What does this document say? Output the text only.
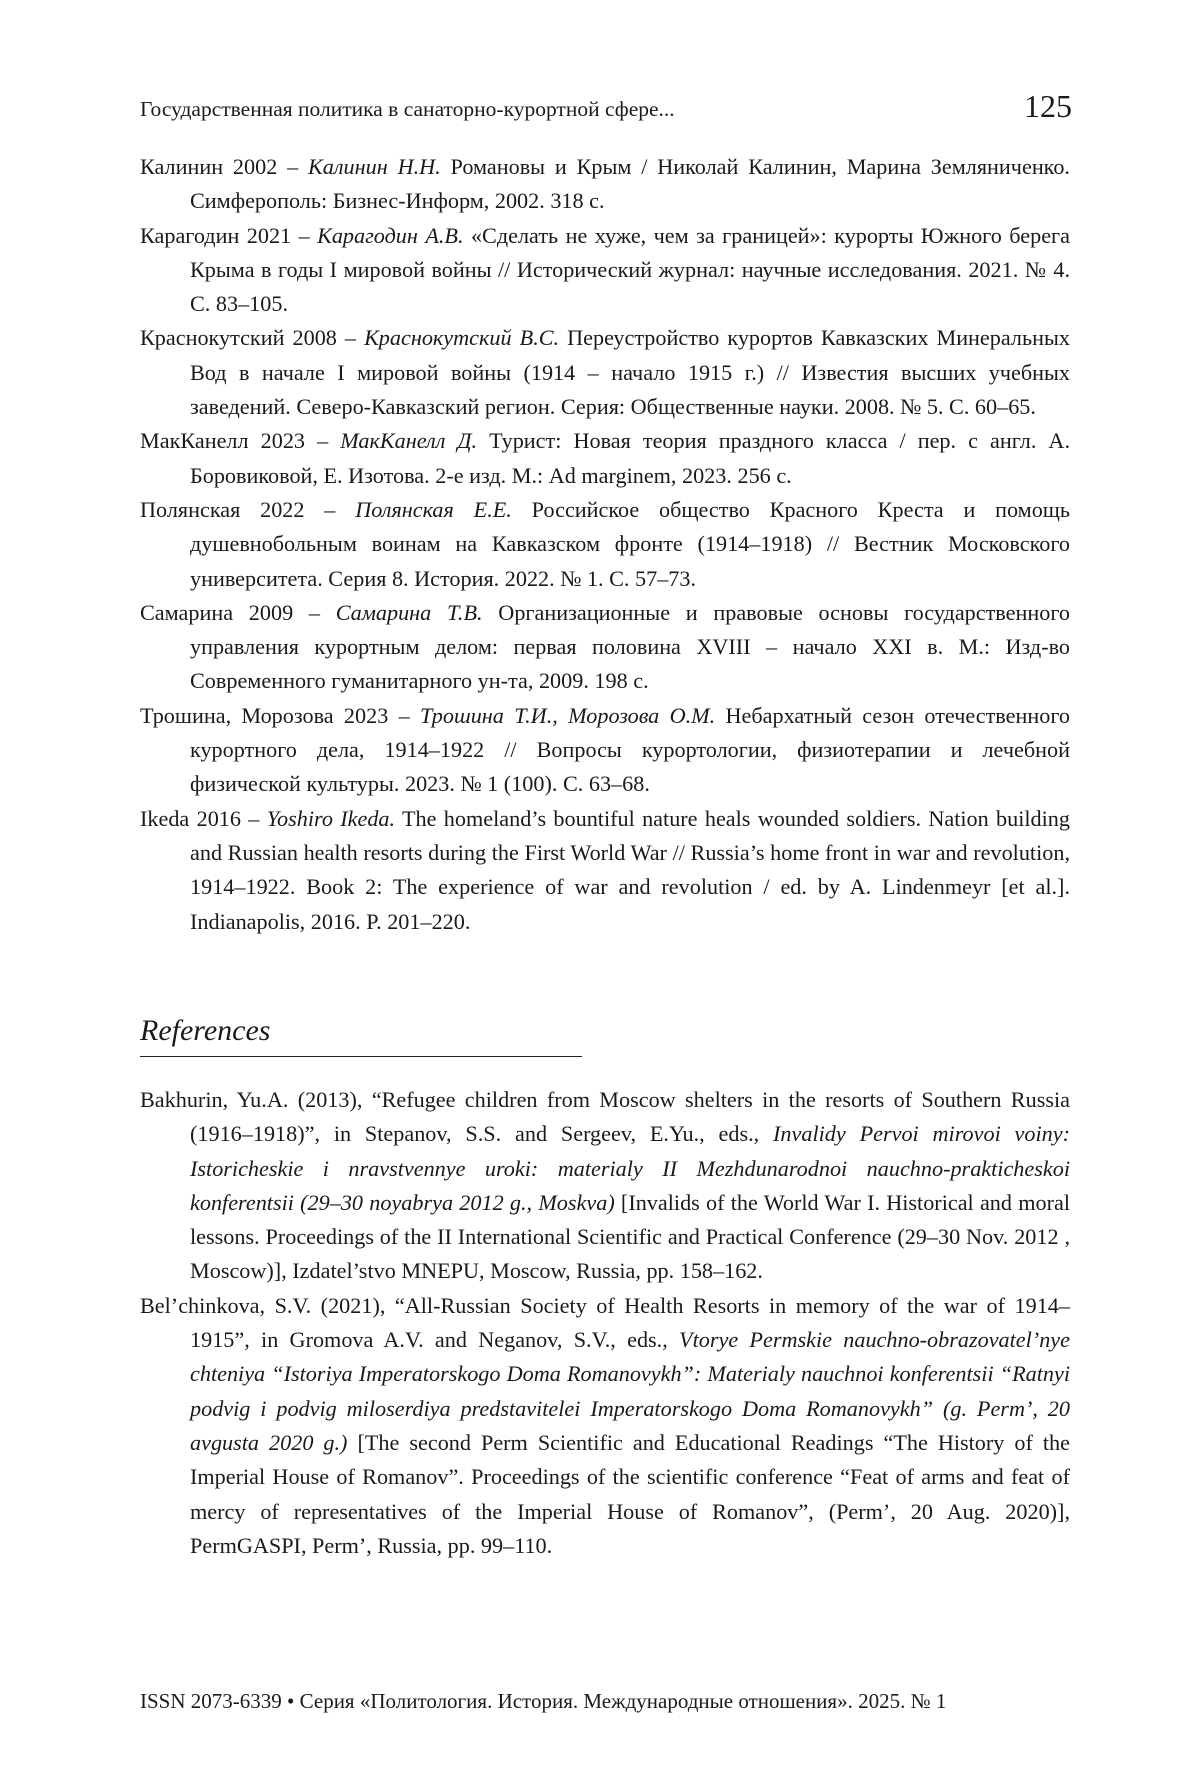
Государственная политика в санаторно-курортной сфере...	125
Калинин 2002 – Калинин Н.Н. Романовы и Крым / Николай Калинин, Марина Земляниченко. Симферополь: Бизнес-Информ, 2002. 318 с.
Карагодин 2021 – Карагодин А.В. «Сделать не хуже, чем за границей»: курорты Южного берега Крыма в годы I мировой войны // Исторический журнал: научные исследования. 2021. № 4. С. 83–105.
Краснокутский 2008 – Краснокутский В.С. Переустройство курортов Кавказских Минеральных Вод в начале I мировой войны (1914 – начало 1915 г.) // Известия высших учебных заведений. Северо-Кавказский регион. Серия: Общественные науки. 2008. № 5. С. 60–65.
МакКанелл 2023 – МакКанелл Д. Турист: Новая теория праздного класса / пер. с англ. А. Боровиковой, Е. Изотова. 2-е изд. М.: Ad marginem, 2023. 256 с.
Полянская 2022 – Полянская Е.Е. Российское общество Красного Креста и помощь душевнобольным воинам на Кавказском фронте (1914–1918) // Вестник Московского университета. Серия 8. История. 2022. № 1. С. 57–73.
Самарина 2009 – Самарина Т.В. Организационные и правовые основы государственного управления курортным делом: первая половина XVIII – начало XXI в. М.: Изд-во Современного гуманитарного ун-та, 2009. 198 с.
Трошина, Морозова 2023 – Трошина Т.И., Морозова О.М. Небархатный сезон отечественного курортного дела, 1914–1922 // Вопросы курортологии, физиотерапии и лечебной физической культуры. 2023. № 1 (100). С. 63–68.
Ikeda 2016 – Yoshiro Ikeda. The homeland’s bountiful nature heals wounded soldiers. Nation building and Russian health resorts during the First World War // Russia’s home front in war and revolution, 1914–1922. Book 2: The experience of war and revolution / ed. by A. Lindenmeyr [et al.]. Indianapolis, 2016. P. 201–220.
References
Bakhurin, Yu.A. (2013), “Refugee children from Moscow shelters in the resorts of Southern Russia (1916–1918)”, in Stepanov, S.S. and Sergeev, E.Yu., eds., Invalidy Pervoi mirovoi voiny: Istoricheskie i nravstvennye uroki: materialy II Mezhdunarodnoi nauchno-prakticheskoi konferentsii (29–30 noyabrya 2012 g., Moskva) [Invalids of the World War I. Historical and moral lessons. Proceedings of the II International Scientific and Practical Conference (29–30 Nov. 2012 , Moscow)], Izdatel’stvo MNEPU, Moscow, Russia, pp. 158–162.
Bel’chinkova, S.V. (2021), “All-Russian Society of Health Resorts in memory of the war of 1914–1915”, in Gromova A.V. and Neganov, S.V., eds., Vtorye Permskie nauchno-obrazovatel’nye chteniya “Istoriya Imperatorskogo Doma Romanovykh”: Materialy nauchnoi konferentsii “Ratnyi podvig i podvig miloserdiya predstavitelei Imperatorskogo Doma Romanovykh” (g. Perm’, 20 avgusta 2020 g.) [The second Perm Scientific and Educational Readings “The History of the Imperial House of Romanov”. Proceedings of the scientific conference “Feat of arms and feat of mercy of representatives of the Imperial House of Romanov”, (Perm’, 20 Aug. 2020)], PermGASPI, Perm’, Russia, pp. 99–110.
ISSN 2073-6339 • Серия «Политология. История. Международные отношения». 2025. № 1
